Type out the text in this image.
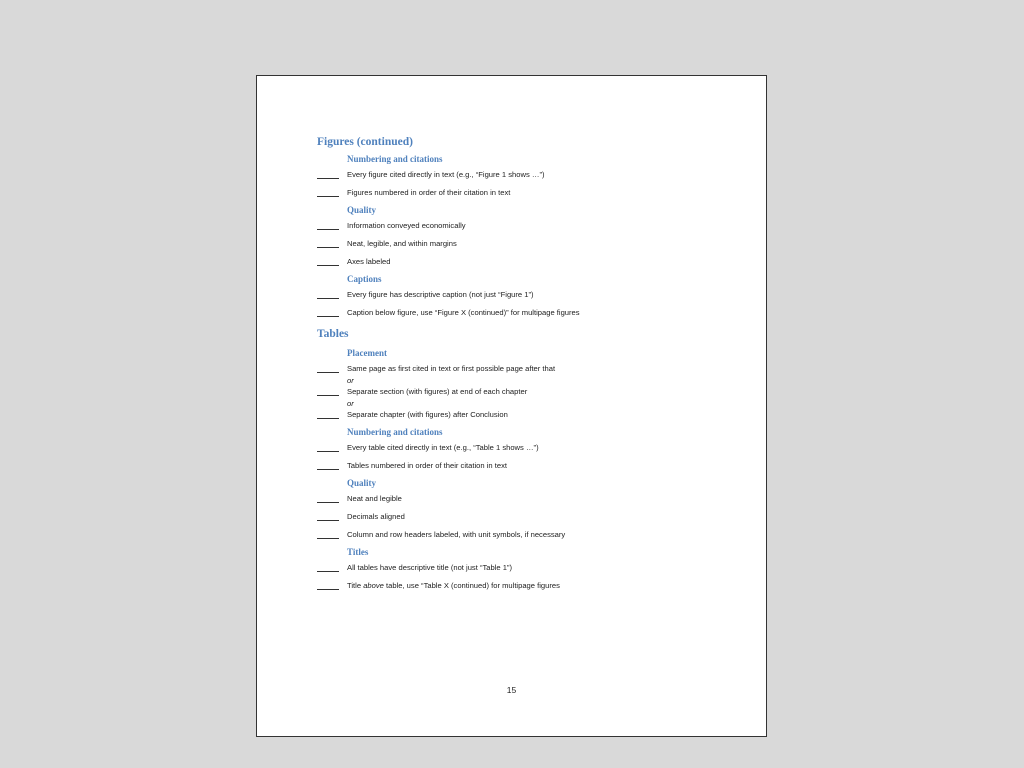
Figures (continued)
Numbering and citations
Every figure cited directly in text (e.g., “Figure 1 shows …”)
Figures numbered in order of their citation in text
Quality
Information conveyed economically
Neat, legible, and within margins
Axes labeled
Captions
Every figure has descriptive caption (not just “Figure 1”)
Caption below figure, use “Figure X (continued)” for multipage figures
Tables
Placement
Same page as first cited in text or first possible page after that
or
Separate section (with figures) at end of each chapter
or
Separate chapter (with figures) after Conclusion
Numbering and citations
Every table cited directly in text (e.g., “Table 1 shows …”)
Tables numbered in order of their citation in text
Quality
Neat and legible
Decimals aligned
Column and row headers labeled, with unit symbols, if necessary
Titles
All tables have descriptive title (not just “Table 1”)
Title above table, use “Table X (continued) for multipage figures
15
